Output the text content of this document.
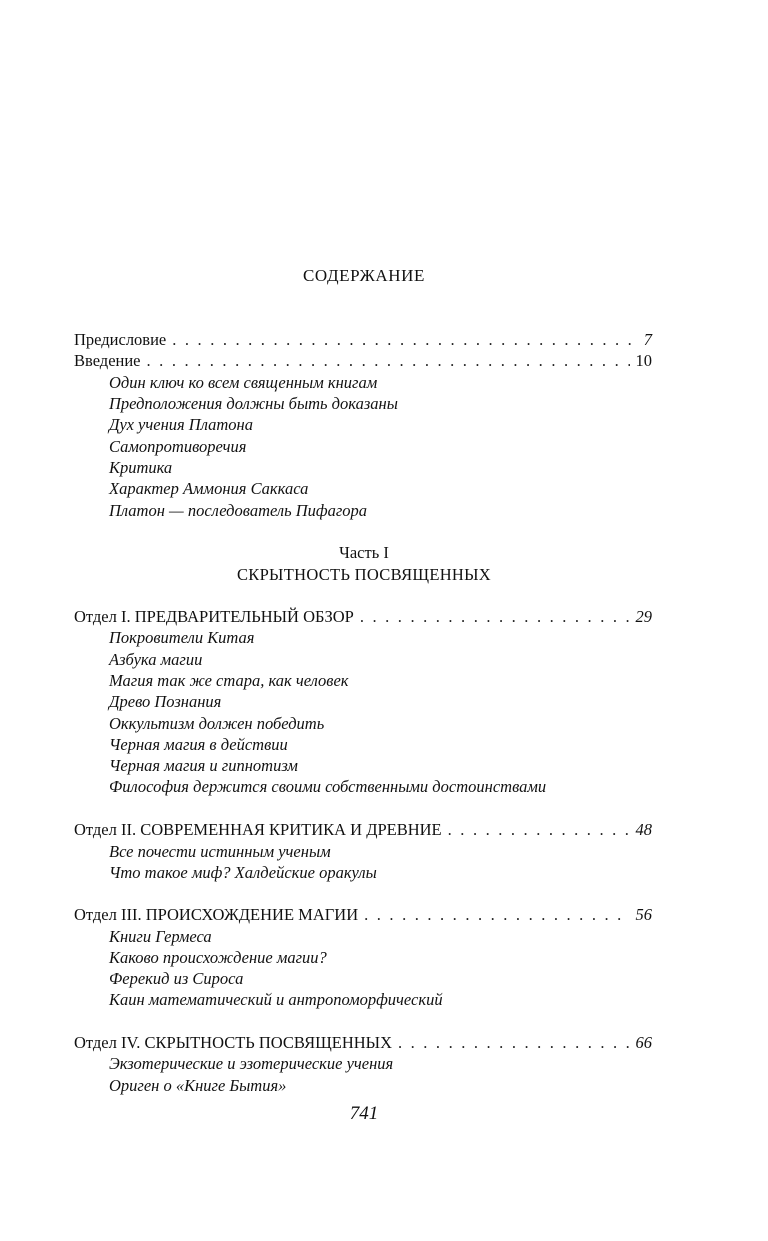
СОДЕРЖАНИЕ
Предисловие . . .	7
Введение . . .	10
Один ключ ко всем священным книгам
Предположения должны быть доказаны
Дух учения Платона
Самопротиворечия
Критика
Характер Аммония Саккаса
Платон — последователь Пифагора
Часть I
СКРЫТНОСТЬ ПОСВЯЩЕННЫХ
Отдел I. ПРЕДВАРИТЕЛЬНЫЙ ОБЗОР . . .	29
Покровители Китая
Азбука магии
Магия так же стара, как человек
Древо Познания
Оккультизм должен победить
Черная магия в действии
Черная магия и гипнотизм
Философия держится своими собственными достоинствами
Отдел II. СОВРЕМЕННАЯ КРИТИКА И ДРЕВНИЕ . . .	48
Все почести истинным ученым
Что такое миф? Халдейские оракулы
Отдел III. ПРОИСХОЖДЕНИЕ МАГИИ . . .	56
Книги Гермеса
Каково происхождение магии?
Ферекид из Сироса
Каин математический и антропоморфический
Отдел IV. СКРЫТНОСТЬ ПОСВЯЩЕННЫХ . . .	66
Экзотерические и эзотерические учения
Ориген о «Книге Бытия»
741
